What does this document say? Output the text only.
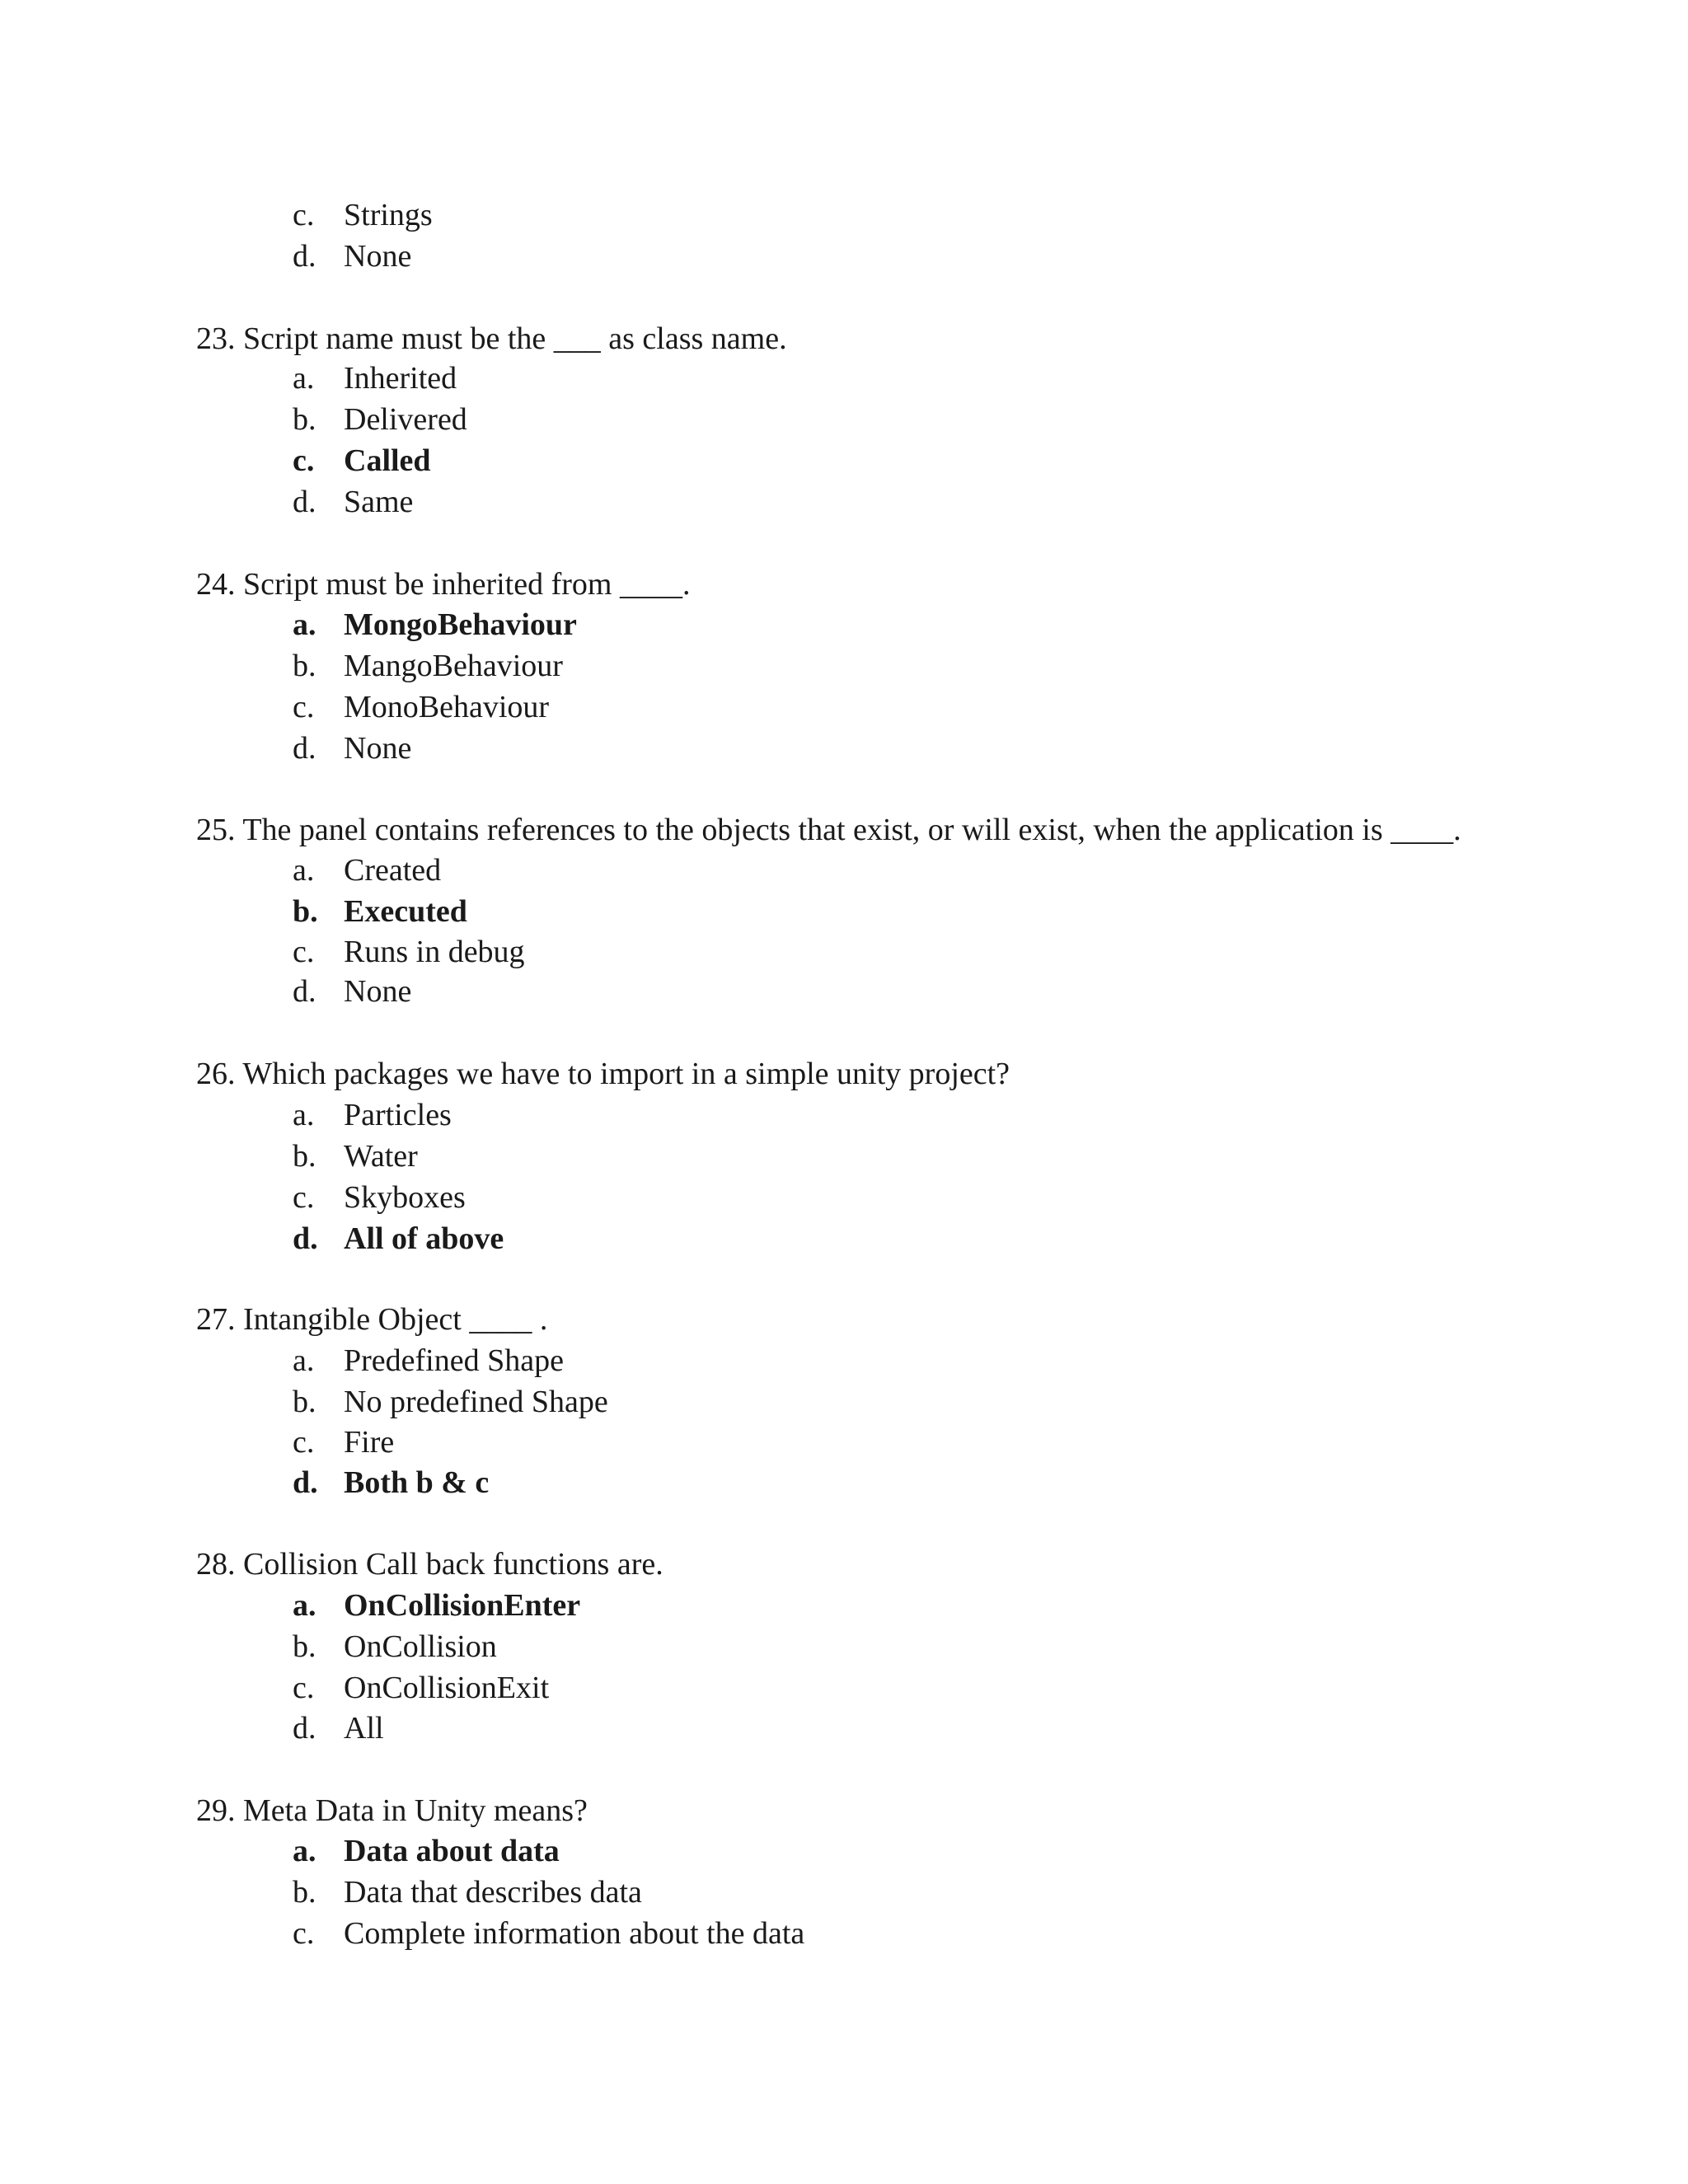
c. Strings
d. None
23. Script name must be the ___ as class name.
a. Inherited
b. Delivered
c. Called
d. Same
24. Script must be inherited from ____.
a. MongoBehaviour
b. MangoBehaviour
c. MonoBehaviour
d. None
25. The panel contains references to the objects that exist, or will exist, when the application is ____.
a. Created
b. Executed
c. Runs in debug
d. None
26. Which packages we have to import in a simple unity project?
a. Particles
b. Water
c. Skyboxes
d. All of above
27. Intangible Object ____ .
a. Predefined Shape
b. No predefined Shape
c. Fire
d. Both b & c
28. Collision Call back functions are.
a. OnCollisionEnter
b. OnCollision
c. OnCollisionExit
d. All
29. Meta Data in Unity means?
a. Data about data
b. Data that describes data
c. Complete information about the data
